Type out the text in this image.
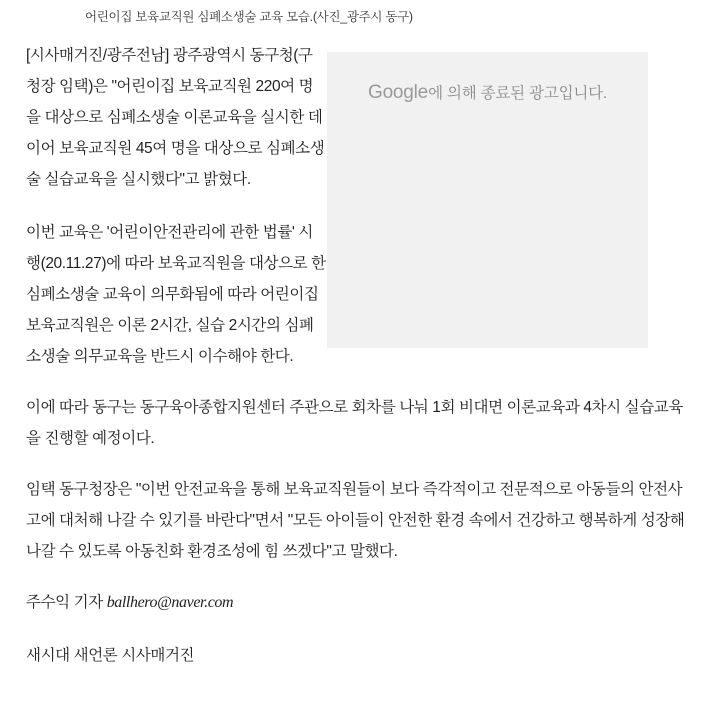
어린이집 보육교직원 심폐소생술 교육 모습.(사진_광주시 동구)
Google에 의해 종료된 광고입니다.

[시사매거진/광주전남] 광주광역시 동구청(구청장 임택)은 "어린이집 보육교직원 220여 명을 대상으로 심폐소생술 이론교육을 실시한 데 이어 보육교직원 45여 명을 대상으로 심폐소생술 실습교육을 실시했다"고 밝혔다.

이번 교육은 '어린이안전관리에 관한 법률' 시행(20.11.27)에 따라 보육교직원을 대상으로 한 심폐소생술 교육이 의무화됨에 따라 어린이집 보육교직원은 이론 2시간, 실습 2시간의 심폐소생술 의무교육을 반드시 이수해야 한다.

이에 따라 동구는 동구육아종합지원센터 주관으로 회차를 나눠 1회 비대면 이론교육과 4차시 실습교육을 진행할 예정이다.

임택 동구청장은 "이번 안전교육을 통해 보육교직원들이 보다 즉각적이고 전문적으로 아동들의 안전사고에 대처해 나갈 수 있기를 바란다"면서 "모든 아이들이 안전한 환경 속에서 건강하고 행복하게 성장해 나갈 수 있도록 아동친화 환경조성에 힘 쓰겠다"고 말했다.

주수익 기자 ballhero@naver.com

새시대 새언론 시사매거진
